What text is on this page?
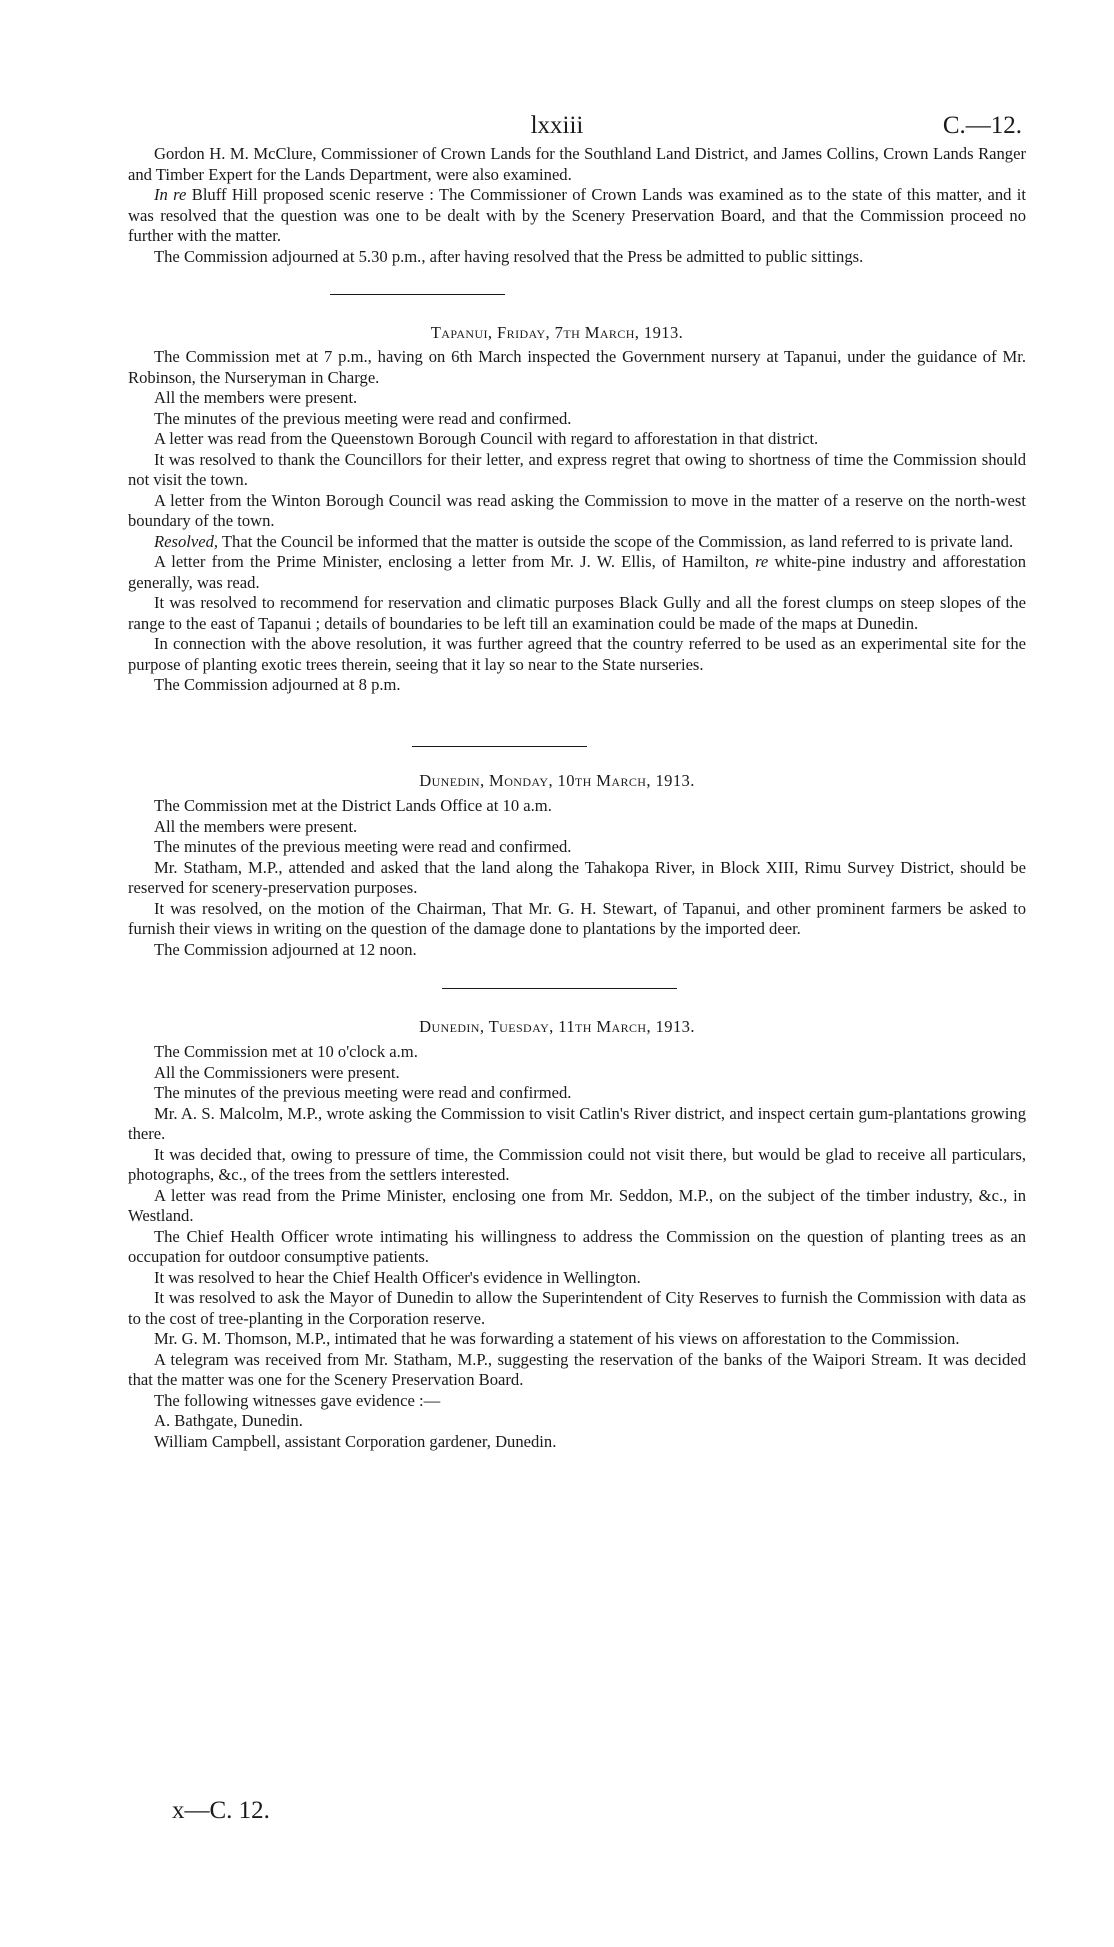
lxxiii	C.—12.

Gordon H. M. McClure, Commissioner of Crown Lands for the Southland Land District, and James Collins, Crown Lands Ranger and Timber Expert for the Lands Department, were also examined.

In re Bluff Hill proposed scenic reserve : The Commissioner of Crown Lands was examined as to the state of this matter, and it was resolved that the question was one to be dealt with by the Scenery Preservation Board, and that the Commission proceed no further with the matter.

The Commission adjourned at 5.30 p.m., after having resolved that the Press be admitted to public sittings.

Tapanui, Friday, 7th March, 1913.

The Commission met at 7 p.m., having on 6th March inspected the Government nursery at Tapanui, under the guidance of Mr. Robinson, the Nurseryman in Charge.

All the members were present.

The minutes of the previous meeting were read and confirmed.

A letter was read from the Queenstown Borough Council with regard to afforestation in that district.

It was resolved to thank the Councillors for their letter, and express regret that owing to shortness of time the Commission should not visit the town.

A letter from the Winton Borough Council was read asking the Commission to move in the matter of a reserve on the north-west boundary of the town.

Resolved, That the Council be informed that the matter is outside the scope of the Commission, as land referred to is private land.

A letter from the Prime Minister, enclosing a letter from Mr. J. W. Ellis, of Hamilton, re white-pine industry and afforestation generally, was read.

It was resolved to recommend for reservation and climatic purposes Black Gully and all the forest clumps on steep slopes of the range to the east of Tapanui ; details of boundaries to be left till an examination could be made of the maps at Dunedin.

In connection with the above resolution, it was further agreed that the country referred to be used as an experimental site for the purpose of planting exotic trees therein, seeing that it lay so near to the State nurseries.

The Commission adjourned at 8 p.m.

Dunedin, Monday, 10th March, 1913.

The Commission met at the District Lands Office at 10 a.m.

All the members were present.

The minutes of the previous meeting were read and confirmed.

Mr. Statham, M.P., attended and asked that the land along the Tahakopa River, in Block XIII, Rimu Survey District, should be reserved for scenery-preservation purposes.

It was resolved, on the motion of the Chairman, That Mr. G. H. Stewart, of Tapanui, and other prominent farmers be asked to furnish their views in writing on the question of the damage done to plantations by the imported deer.

The Commission adjourned at 12 noon.

Dunedin, Tuesday, 11th March, 1913.

The Commission met at 10 o'clock a.m.

All the Commissioners were present.

The minutes of the previous meeting were read and confirmed.

Mr. A. S. Malcolm, M.P., wrote asking the Commission to visit Catlin's River district, and inspect certain gum-plantations growing there.

It was decided that, owing to pressure of time, the Commission could not visit there, but would be glad to receive all particulars, photographs, &c., of the trees from the settlers interested.

A letter was read from the Prime Minister, enclosing one from Mr. Seddon, M.P., on the subject of the timber industry, &c., in Westland.

The Chief Health Officer wrote intimating his willingness to address the Commission on the question of planting trees as an occupation for outdoor consumptive patients.

It was resolved to hear the Chief Health Officer's evidence in Wellington.

It was resolved to ask the Mayor of Dunedin to allow the Superintendent of City Reserves to furnish the Commission with data as to the cost of tree-planting in the Corporation reserve.

Mr. G. M. Thomson, M.P., intimated that he was forwarding a statement of his views on afforestation to the Commission.

A telegram was received from Mr. Statham, M.P., suggesting the reservation of the banks of the Waipori Stream. It was decided that the matter was one for the Scenery Preservation Board.

The following witnesses gave evidence :—

A. Bathgate, Dunedin.

William Campbell, assistant Corporation gardener, Dunedin.

x—C. 12.
